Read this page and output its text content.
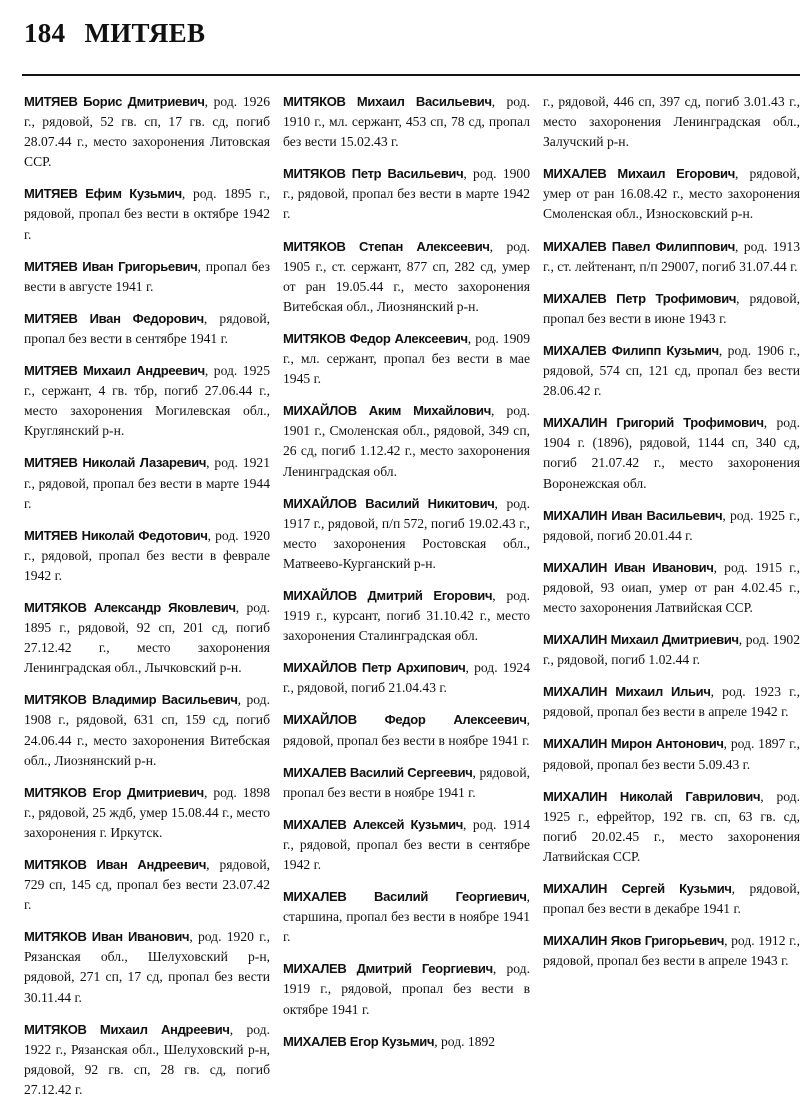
184 МИТЯЕВ

МИТЯЕВ Борис Дмитриевич, род. 1926 г., рядовой, 52 гв. сп, 17 гв. сд, погиб 28.07.44 г., место захоронения Литовская ССР.

МИТЯЕВ Ефим Кузьмич, род. 1895 г., рядовой, пропал без вести в октябре 1942 г.

МИТЯЕВ Иван Григорьевич, пропал без вести в августе 1941 г.

МИТЯЕВ Иван Федорович, рядовой, пропал без вести в сентябре 1941 г.

МИТЯЕВ Михаил Андреевич, род. 1925 г., сержант, 4 гв. тбр, погиб 27.06.44 г., место захоронения Могилевская обл., Круглянский р-н.

МИТЯЕВ Николай Лазаревич, род. 1921 г., рядовой, пропал без вести в марте 1944 г.

МИТЯЕВ Николай Федотович, род. 1920 г., рядовой, пропал без вести в феврале 1942 г.

МИТЯКОВ Александр Яковлевич, род. 1895 г., рядовой, 92 сп, 201 сд, погиб 27.12.42 г., место захоронения Ленинградская обл., Лычковский р-н.

МИТЯКОВ Владимир Васильевич, род. 1908 г., рядовой, 631 сп, 159 сд, погиб 24.06.44 г., место захоронения Витебская обл., Лиознянский р-н.

МИТЯКОВ Егор Дмитриевич, род. 1898 г., рядовой, 25 ждб, умер 15.08.44 г., место захоронения г. Иркутск.

МИТЯКОВ Иван Андреевич, рядовой, 729 сп, 145 сд, пропал без вести 23.07.42 г.

МИТЯКОВ Иван Иванович, род. 1920 г., Рязанская обл., Шелуховский р-н, рядовой, 271 сп, 17 сд, пропал без вести 30.11.44 г.

МИТЯКОВ Михаил Андреевич, род. 1922 г., Рязанская обл., Шелуховский р-н, рядовой, 92 гв. сп, 28 гв. сд, погиб 27.12.42 г.

МИТЯКОВ Михаил Васильевич, род. 1910 г., мл. сержант, 453 сп, 78 сд, пропал без вести 15.02.43 г.

МИТЯКОВ Петр Васильевич, род. 1900 г., рядовой, пропал без вести в марте 1942 г.

МИТЯКОВ Степан Алексеевич, род. 1905 г., ст. сержант, 877 сп, 282 сд, умер от ран 19.05.44 г., место захоронения Витебская обл., Лиознянский р-н.

МИТЯКОВ Федор Алексеевич, род. 1909 г., мл. сержант, пропал без вести в мае 1945 г.

МИХАЙЛОВ Аким Михайлович, род. 1901 г., Смоленская обл., рядовой, 349 сп, 26 сд, погиб 1.12.42 г., место захоронения Ленинградская обл.

МИХАЙЛОВ Василий Никитович, род. 1917 г., рядовой, п/п 572, погиб 19.02.43 г., место захоронения Ростовская обл., Матвеево-Курганский р-н.

МИХАЙЛОВ Дмитрий Егорович, род. 1919 г., курсант, погиб 31.10.42 г., место захоронения Сталинградская обл.

МИХАЙЛОВ Петр Архипович, род. 1924 г., рядовой, погиб 21.04.43 г.

МИХАЙЛОВ Федор Алексеевич, рядовой, пропал без вести в ноябре 1941 г.

МИХАЛЕВ Василий Сергеевич, рядовой, пропал без вести в ноябре 1941 г.

МИХАЛЕВ Алексей Кузьмич, род. 1914 г., рядовой, пропал без вести в сентябре 1942 г.

МИХАЛЕВ Василий Георгиевич, старшина, пропал без вести в ноябре 1941 г.

МИХАЛЕВ Дмитрий Георгиевич, род. 1919 г., рядовой, пропал без вести в октябре 1941 г.

МИХАЛЕВ Егор Кузьмич, род. 1892

г., рядовой, 446 сп, 397 сд, погиб 3.01.43 г., место захоронения Ленинградская обл., Залучский р-н.

МИХАЛЕВ Михаил Егорович, рядовой, умер от ран 16.08.42 г., место захоронения Смоленская обл., Износковский р-н.

МИХАЛЕВ Павел Филиппович, род. 1913 г., ст. лейтенант, п/п 29007, погиб 31.07.44 г.

МИХАЛЕВ Петр Трофимович, рядовой, пропал без вести в июне 1943 г.

МИХАЛЕВ Филипп Кузьмич, род. 1906 г., рядовой, 574 сп, 121 сд, пропал без вести 28.06.42 г.

МИХАЛИН Григорий Трофимович, род. 1904 г. (1896), рядовой, 1144 сп, 340 сд, погиб 21.07.42 г., место захоронения Воронежская обл.

МИХАЛИН Иван Васильевич, род. 1925 г., рядовой, погиб 20.01.44 г.

МИХАЛИН Иван Иванович, род. 1915 г., рядовой, 93 оиап, умер от ран 4.02.45 г., место захоронения Латвийская ССР.

МИХАЛИН Михаил Дмитриевич, род. 1902 г., рядовой, погиб 1.02.44 г.

МИХАЛИН Михаил Ильич, род. 1923 г., рядовой, пропал без вести в апреле 1942 г.

МИХАЛИН Мирон Антонович, род. 1897 г., рядовой, пропал без вести 5.09.43 г.

МИХАЛИН Николай Гаврилович, род. 1925 г., ефрейтор, 192 гв. сп, 63 гв. сд, погиб 20.02.45 г., место захоронения Латвийская ССР.

МИХАЛИН Сергей Кузьмич, рядовой, пропал без вести в декабре 1941 г.

МИХАЛИН Яков Григорьевич, род. 1912 г., рядовой, пропал без вести в апреле 1943 г.
